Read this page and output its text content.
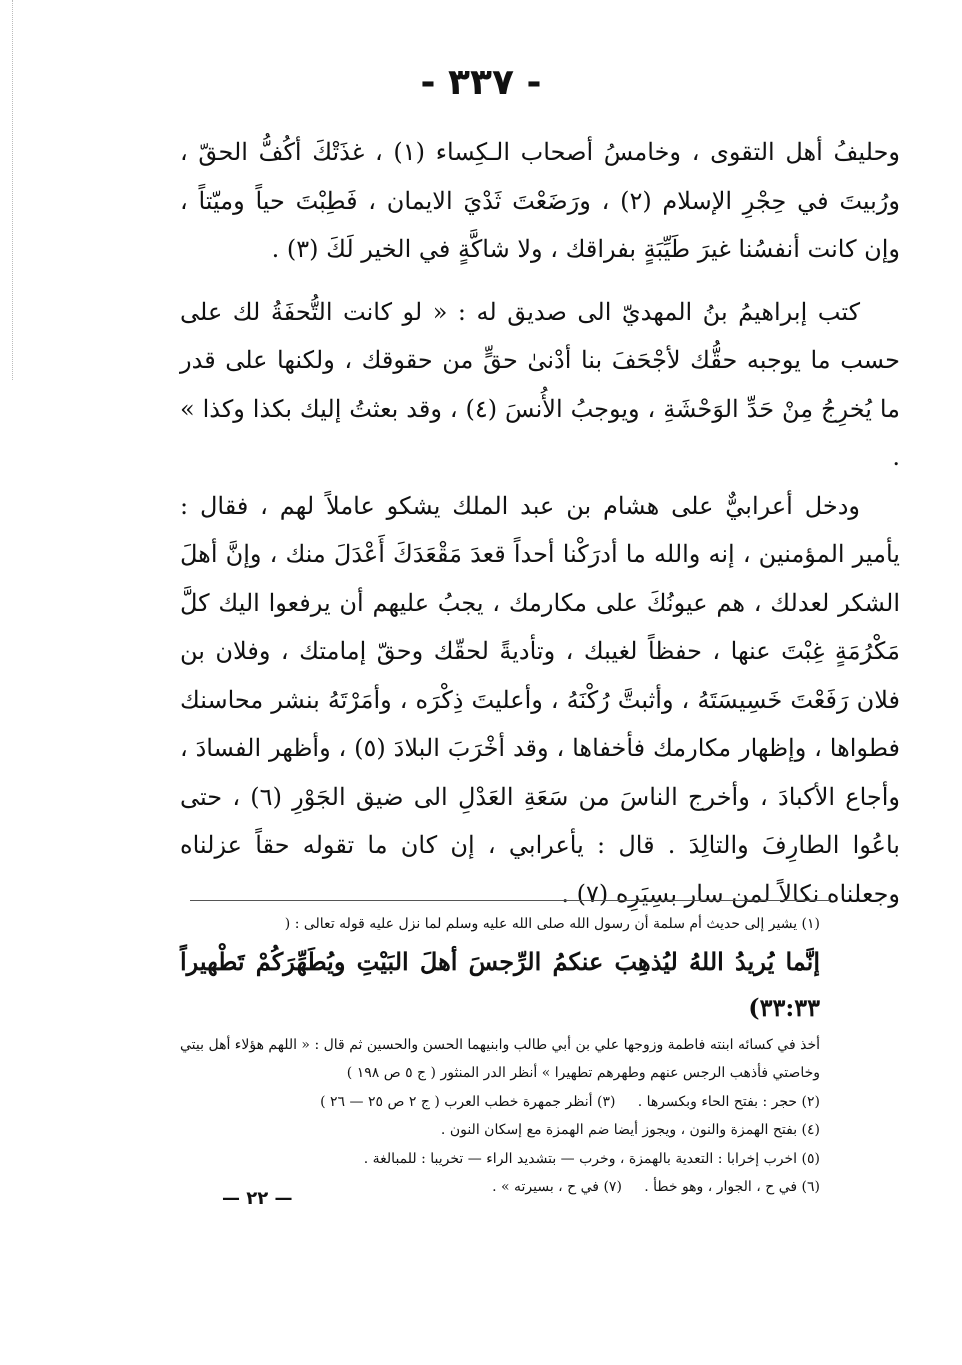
- ٣٣٧ -

وحليفُ أهل التقوى ، وخامسُ أصحاب الـكِساء (١) ، غذَتْكَ أكُفُّ الحقّ ، ورُبيتَ في حِجْرِ الإسلام (٢) ، ورَضَعْتَ ثَدْيَ الايمان ، فَطِبْتَ حياً وميّتاً ، وإن كانت أنفسُنا غيرَ طَيِّبَةٍ بفراقك ، ولا شاكَّةٍ في الخير لَكَ (٣) .

كتب إبراهيمُ بنُ المهديّ الى صديق له : « لو كانت التُّحفَةُ لك على حسب ما يوجبه حقُّك لأجْحَفَ بنا أدْنىٰ حقٍّ من حقوقك ، ولكنها على قدر ما يُخرِجُ مِنْ حَدِّ الوَحْشَةِ ، ويوجبُ الأُنسَ (٤) ، وقد بعثتُ إليك بكذا وكذا » .

ودخل أعرابيٌّ على هشام بن عبد الملك يشكو عاملاً لهم ، فقال : يأمير المؤمنين ، إنه والله ما أدرَكْنا أحداً قعدَ مَقْعَدَكَ أَعْدَلَ منك ، وإنَّ أهلَ الشكر لعدلك ، هم عيونُكَ على مكارمك ، يجبُ عليهم أن يرفعوا اليك كلَّ مَكْرُمَةٍ غِبْتَ عنها ، حفظاً لغيبك ، وتأديةً لحقّك وحقّ إمامتك ، وفلان بن فلان رَفَعْتَ خَسِيسَتَهُ ، وأثبتَّ رُكْنَهُ ، وأعليتَ ذِكْرَه ، وأمَرْتَهُ بنشر محاسنك فطواها ، وإظهار مكارمك فأخفاها ، وقد أخْرَبَ البلادَ (٥) ، وأظهر الفسادَ ، وأجاع الأكبادَ ، وأخرج الناسَ من سَعَةِ العَدْلِ الى ضيق الجَوْرِ (٦) ، حتى باعُوا الطارِفَ والتالِدَ . قال : يأعرابي ، إن كان ما تقوله حقاً عزلناه وجعلناه نكالاً لمن سار بسِيَرِه (٧) .

(١) يشير إلى حديث أم سلمة أن رسول الله صلى الله عليه وسلم لما نزل عليه قوله تعالى : (

إنَّما يُريدُ اللهُ ليُذهِبَ عنكمُ الرِّجسَ أهلَ البَيْتِ ويُطَهِّرَكُمْ تَطْهيراً ٣٣:٣٣)

أخذ في كسائه ابنته فاطمة وزوجها علي بن أبي طالب وابنيهما الحسن والحسين ثم قال : « اللهم هؤلاء أهل بيتي وخاصتي فأذهب الرجس عنهم وطهرهم تطهيرا » أنظر الدر المنثور ( ج ٥ ص ١٩٨ )

(٢) حجر : بفتح الحاء وبكسرها .     (٣) أنظر جمهرة خطب العرب ( ج ٢ ص ٢٥ — ٢٦ )

(٤) بفتح الهمزة والنون ، ويجوز أيضا ضم الهمزة مع إسكان النون .

(٥) اخرب إخرابا : التعدية بالهمزة ، وخرب — بتشديد الراء — تخريبا : للمبالغة .

(٦) في ح ، الجوار ، وهو خطأ .     (٧) في ح ، بسيرته » .

— ٢٢ —
